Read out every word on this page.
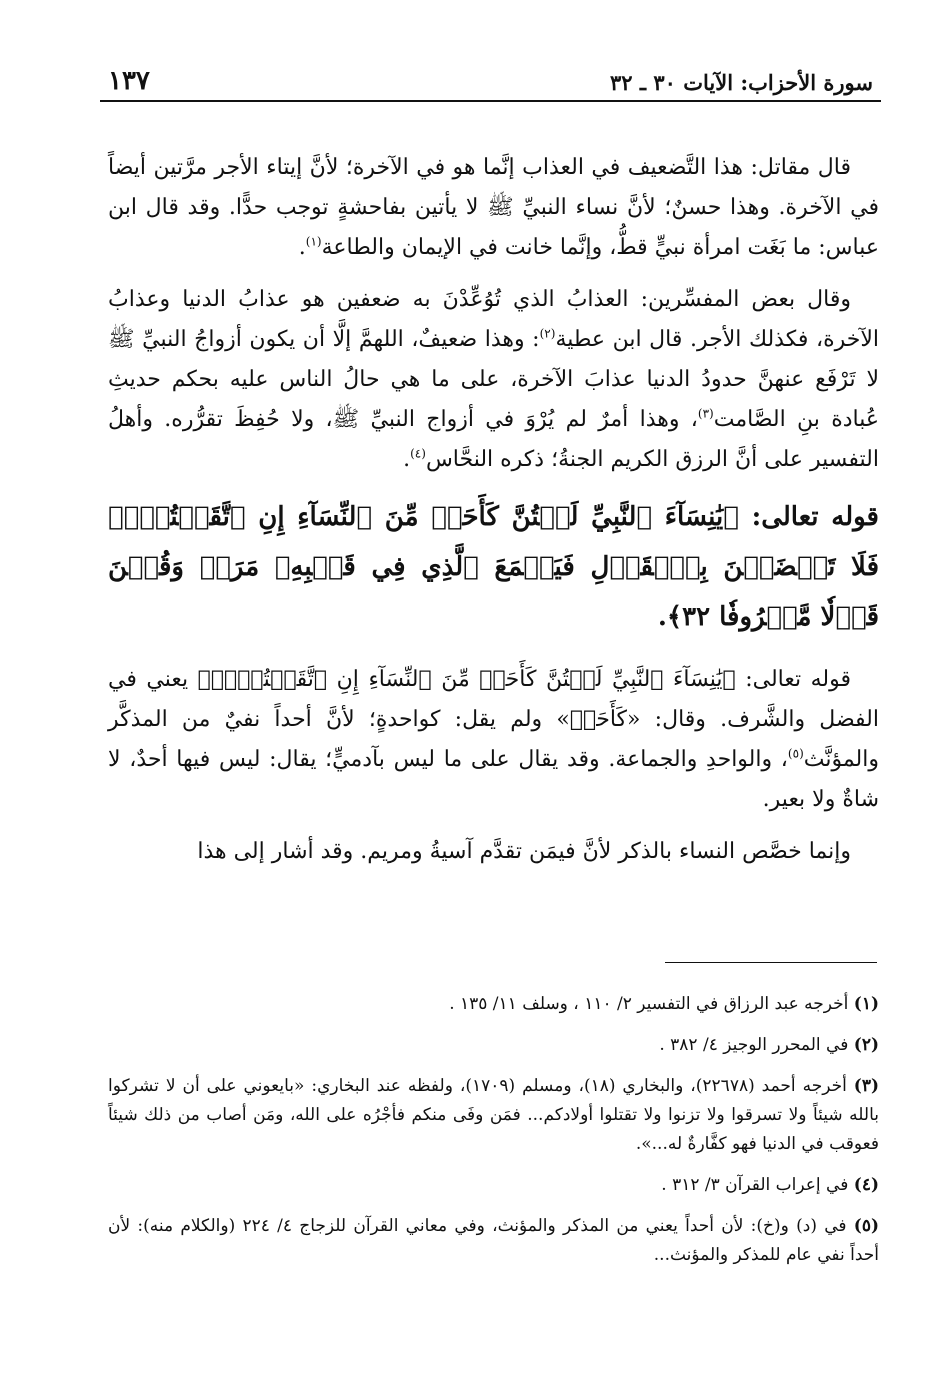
سورة الأحزاب: الآيات ٣٠ ـ ٣٢
١٣٧

قال مقاتل: هذا التَّضعيف في العذاب إنَّما هو في الآخرة؛ لأنَّ إيتاء الأجر مرَّتين أيضاً في الآخرة. وهذا حسنٌ؛ لأنَّ نساء النبيِّ ﷺ لا يأتين بفاحشةٍ توجب حدًّا. وقد قال ابن عباس: ما بَغَت امرأة نبيٍّ قطُّ، وإنَّما خانت في الإيمان والطاعة$^{(١)}$.

وقال بعض المفسِّرين: العذابُ الذي تُوُعِّدْنَ به ضعفين هو عذابُ الدنيا وعذابُ الآخرة، فكذلك الأجر. قال ابن عطية$^{(٢)}$: وهذا ضعيفٌ، اللهمَّ إلَّا أن يكون أزواجُ النبيِّ ﷺ لا تَرْفَع عنهنَّ حدودُ الدنيا عذابَ الآخرة، على ما هي حالُ الناس عليه بحكم حديثِ عُبادة بنِ الصَّامت$^{(٣)}$، وهذا أمرٌ لم يُرْوَ في أزواج النبيِّ ﷺ، ولا حُفِظَ تقرُّره. وأهلُ التفسير على أنَّ الرزق الكريم الجنةُ؛ ذكره النحَّاس$^{(٤)}$.

قوله تعالى: ﴿يَٰنِسَآءَ ٱلنَّبِيِّ لَسۡتُنَّ كَأَحَدٖ مِّنَ ٱلنِّسَآءِ إِنِ ٱتَّقَيۡتُنَّۚ فَلَا تَخۡضَعۡنَ بِٱلۡقَوۡلِ فَيَطۡمَعَ ٱلَّذِي فِي قَلۡبِهِۦ مَرَضٞ وَقُلۡنَ قَوۡلٗا مَّعۡرُوفٗا ٣٢﴾.

قوله تعالى: ﴿يَٰنِسَآءَ ٱلنَّبِيِّ لَسۡتُنَّ كَأَحَدٖ مِّنَ ٱلنِّسَآءِ إِنِ ٱتَّقَيۡتُنَّۚ﴾ يعني في الفضل والشَّرف. وقال: «كَأَحَدٖ» ولم يقل: كواحدةٍ؛ لأنَّ أحداً نفيٌ من المذكَّر والمؤنَّث$^{(٥)}$، والواحدِ والجماعة. وقد يقال على ما ليس بآدميٍّ؛ يقال: ليس فيها أحدٌ، لا شاةٌ ولا بعير.

وإنما خصَّص النساء بالذكر لأنَّ فيمَن تقدَّم آسيةُ ومريم. وقد أشار إلى هذا

(١) أخرجه عبد الرزاق في التفسير ٢/ ١١٠ ، وسلف ١١/ ١٣٥ .

(٢) في المحرر الوجيز ٤/ ٣٨٢ .

(٣) أخرجه أحمد (٢٢٦٧٨)، والبخاري (١٨)، ومسلم (١٧٠٩)، ولفظه عند البخاري: «بايعوني على أن لا تشركوا بالله شيئاً ولا تسرقوا ولا تزنوا ولا تقتلوا أولادكم... فمَن وفَى منكم فأجْرُه على الله، ومَن أصاب من ذلك شيئاً فعوقب في الدنيا فهو كفَّارةٌ له...».

(٤) في إعراب القرآن ٣/ ٣١٢ .

(٥) في (د) و(خ): لأن أحداً يعني من المذكر والمؤنث، وفي معاني القرآن للزجاج ٤/ ٢٢٤ (والكلام منه): لأن أحداً نفي عام للمذكر والمؤنث...
